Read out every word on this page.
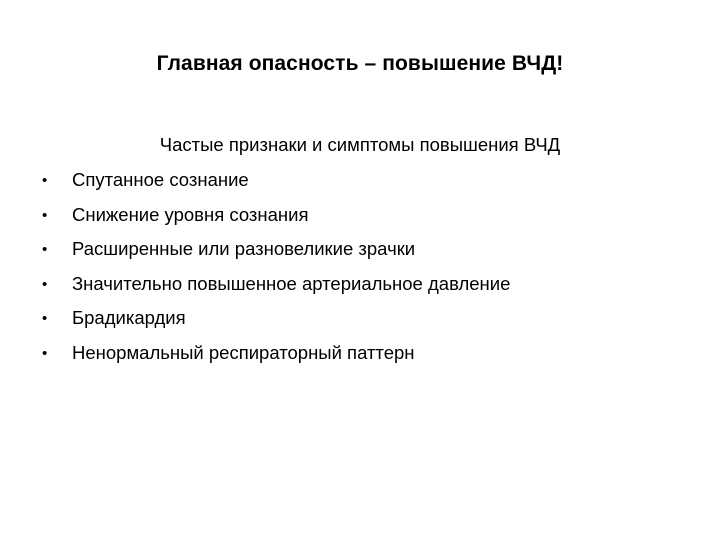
Главная опасность – повышение ВЧД!
Частые признаки и симптомы повышения ВЧД
•	Спутанное сознание
•	Снижение уровня сознания
•	Расширенные или разновеликие зрачки
•	Значительно повышенное артериальное давление
•	Брадикардия
•	Ненормальный респираторный паттерн
